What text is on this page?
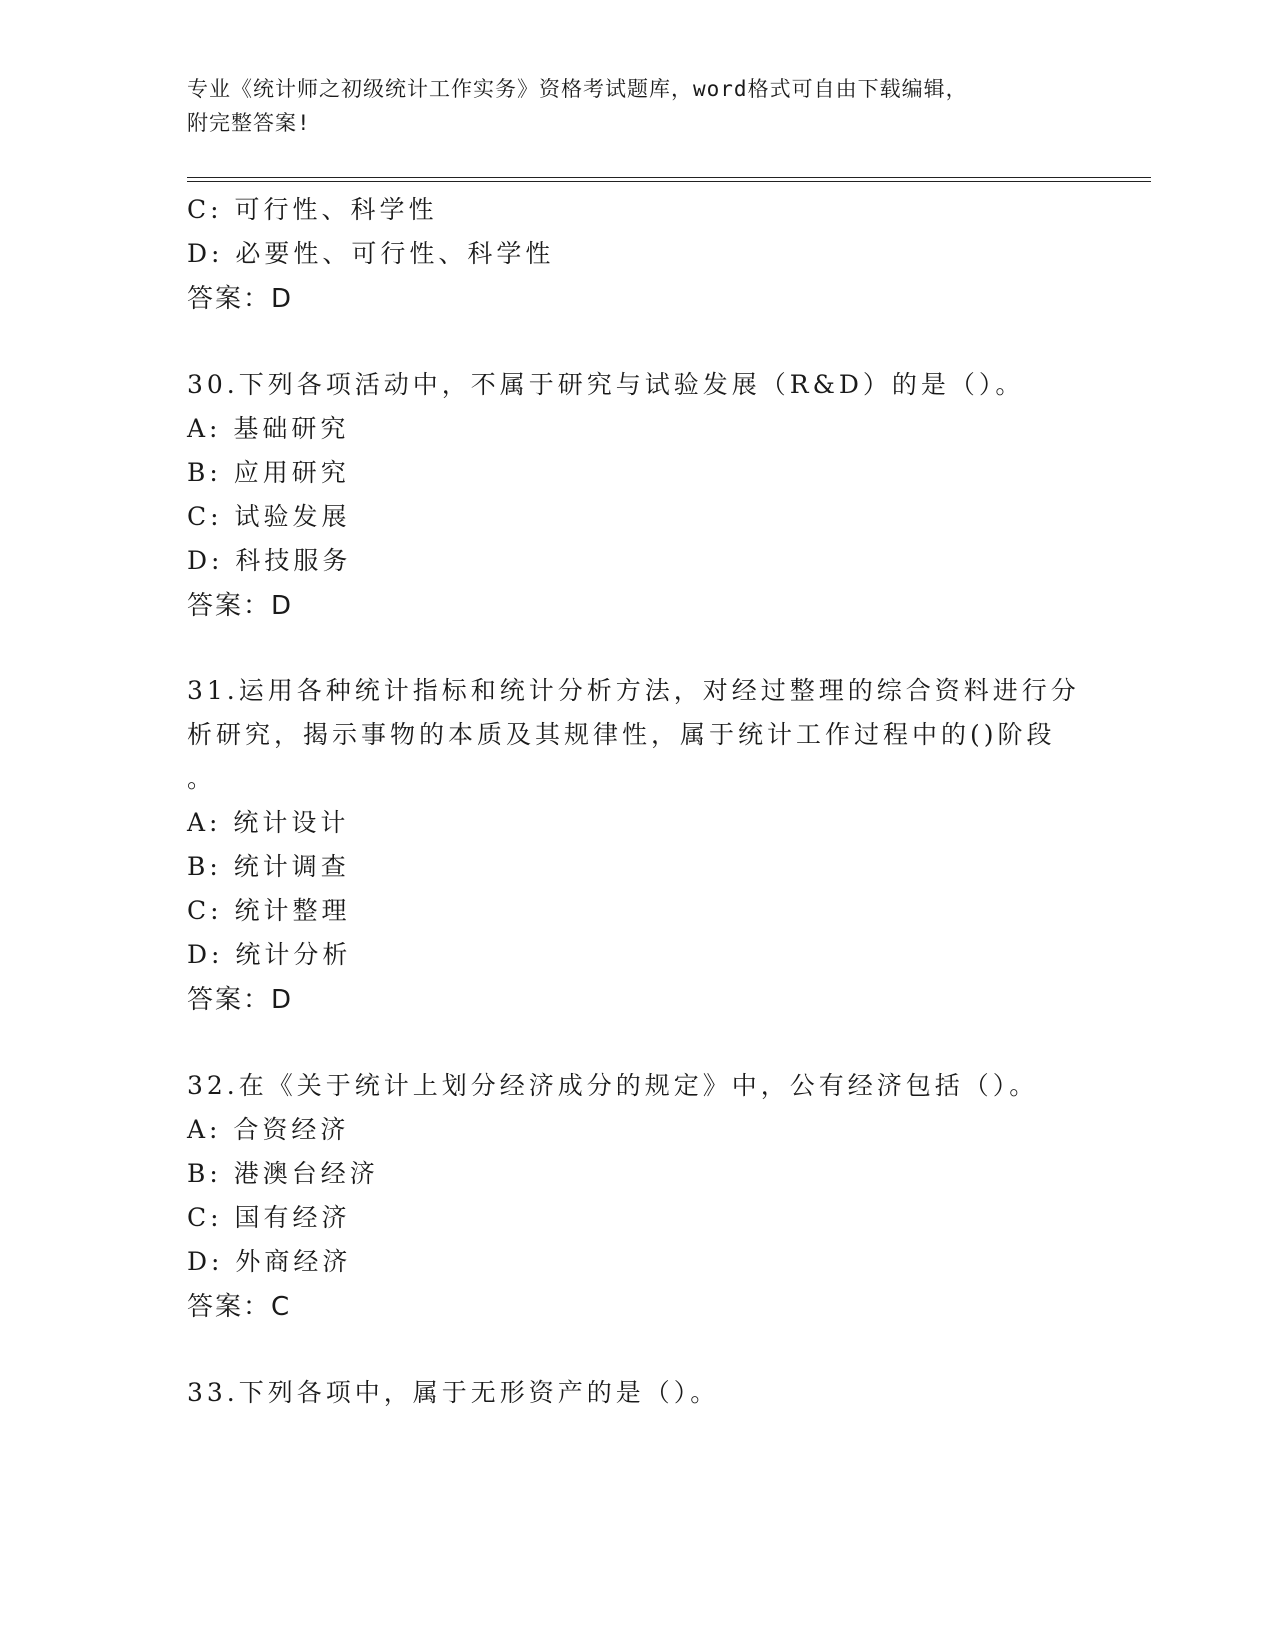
专业《统计师之初级统计工作实务》资格考试题库，word格式可自由下载编辑，
附完整答案!
C: 可行性、科学性
D: 必要性、可行性、科学性
答案：D
30.下列各项活动中，不属于研究与试验发展（R&D）的是（）。
A: 基础研究
B: 应用研究
C: 试验发展
D: 科技服务
答案：D
31.运用各种统计指标和统计分析方法，对经过整理的综合资料进行分
析研究，揭示事物的本质及其规律性，属于统计工作过程中的()阶段
。
A: 统计设计
B: 统计调查
C: 统计整理
D: 统计分析
答案：D
32.在《关于统计上划分经济成分的规定》中，公有经济包括（）。
A: 合资经济
B: 港澳台经济
C: 国有经济
D: 外商经济
答案：C
33.下列各项中，属于无形资产的是（）。
